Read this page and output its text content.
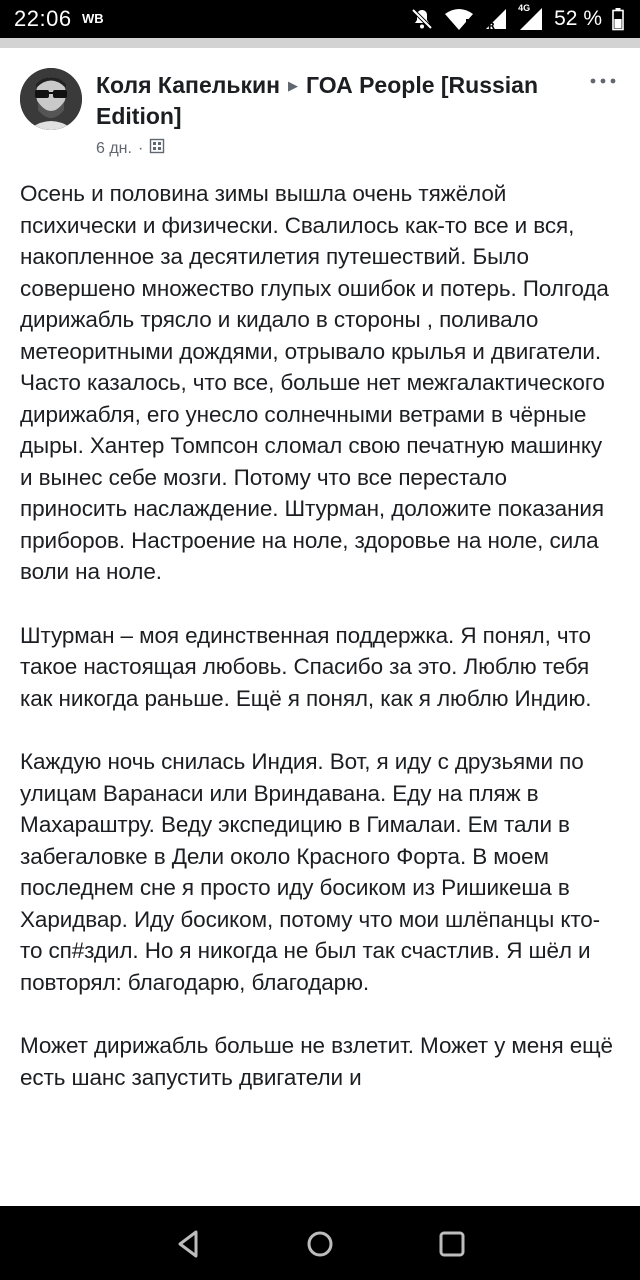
22:06 WB
R
4G 52 %
Коля Капелькин ▶ ГОА People [Russian Edition]
6 дн. ·

Осень и половина зимы вышла очень тяжёлой психически и физически. Свалилось как-то все и вся, накопленное за десятилетия путешествий. Было совершено множество глупых ошибок и потерь. Полгода дирижабль трясло и кидало в стороны , поливало метеоритными дождями, отрывало крылья и двигатели. Часто казалось, что все, больше нет межгалактического дирижабля, его унесло солнечными ветрами в чёрные дыры. Хантер Томпсон сломал свою печатную машинку и вынес себе мозги. Потому что все перестало приносить наслаждение. Штурман, доложите показания приборов. Настроение на ноле, здоровье на ноле, сила воли на ноле.

Штурман – моя единственная поддержка. Я понял, что такое настоящая любовь. Спасибо за это. Люблю тебя как никогда раньше. Ещё я понял, как я люблю Индию.

Каждую ночь снилась Индия. Вот, я иду с друзьями по улицам Варанаси или Вриндавана. Еду на пляж в Махараштру. Веду экспедицию в Гималаи. Ем тали в забегаловке в Дели около Красного Форта. В моем последнем сне я просто иду босиком из Ришикеша в Харидвар. Иду босиком, потому что мои шлёпанцы кто-то сп#здил. Но я никогда не был так счастлив. Я шёл и повторял: благодарю, благодарю.

Может дирижабль больше не взлетит. Может у меня ещё есть шанс запустить двигатели и
